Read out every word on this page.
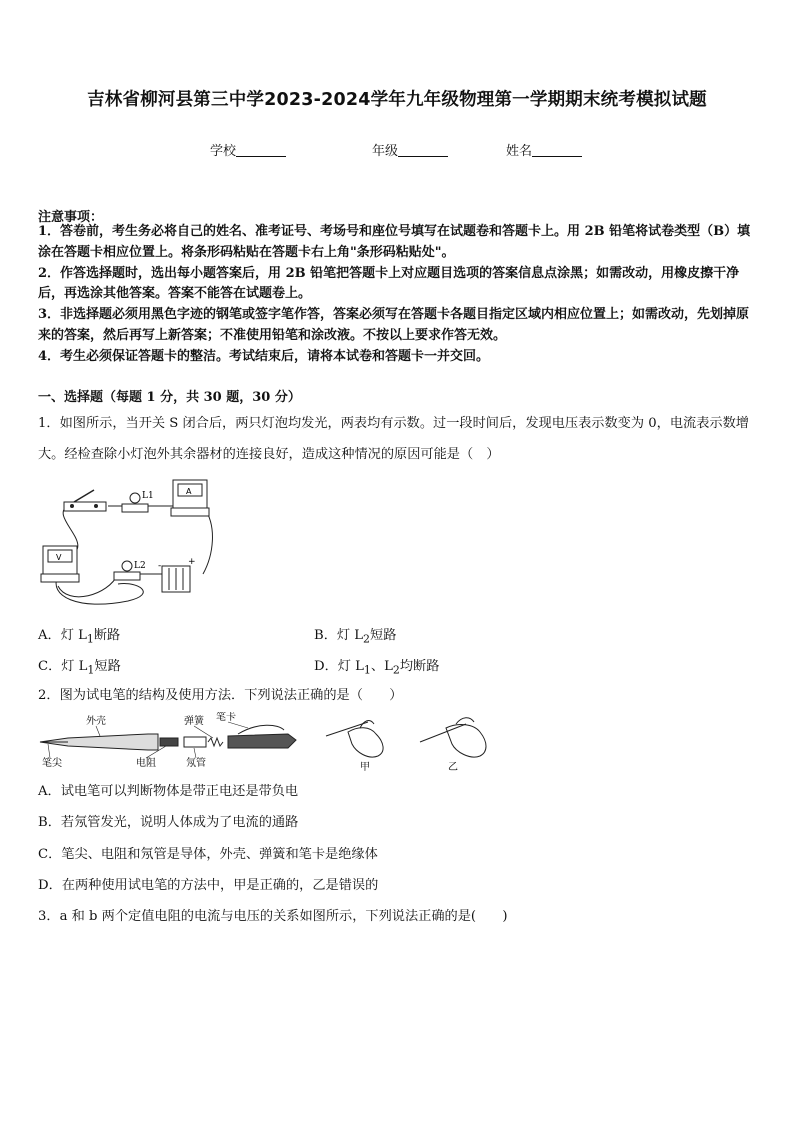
吉林省柳河县第三中学2023-2024学年九年级物理第一学期期末统考模拟试题
学校	年级	姓名
注意事项：

1．答卷前，考生务必将自己的姓名、准考证号、考场号和座位号填写在试题卷和答题卡上。用 2B 铅笔将试卷类型（B）填涂在答题卡相应位置上。将条形码粘贴在答题卡右上角"条形码粘贴处"。

2．作答选择题时，选出每小题答案后，用 2B 铅笔把答题卡上对应题目选项的答案信息点涂黑；如需改动，用橡皮擦干净后，再选涂其他答案。答案不能答在试题卷上。

3．非选择题必须用黑色字迹的钢笔或签字笔作答，答案必须写在答题卡各题目指定区域内相应位置上；如需改动，先划掉原来的答案，然后再写上新答案；不准使用铅笔和涂改液。不按以上要求作答无效。

4．考生必须保证答题卡的整洁。考试结束后，请将本试卷和答题卡一并交回。

一、选择题（每题 1 分，共 30 题，30 分）
1．如图所示，当开关 S 闭合后，两只灯泡均发光，两表均有示数。过一段时间后，发现电压表示数变为 0，电流表示数增大。经检查除小灯泡外其余器材的连接良好，造成这种情况的原因可能是（　）
L1	A
V
L2 -	+
A．灯 $L_1$断路	B．灯 $L_2$短路
C．灯 $L_1$短路	D．灯 $L_1$、$L_2$均断路
2．图为试电笔的结构及使用方法．下列说法正确的是（　　）
外壳	弹簧 笔卡
笔尖	电阻	氖管	甲	乙
A．试电笔可以判断物体是带正电还是带负电
B．若氖管发光，说明人体成为了电流的通路
C．笔尖、电阻和氖管是导体，外壳、弹簧和笔卡是绝缘体
D．在两种使用试电笔的方法中，甲是正确的，乙是错误的
3．a 和 b 两个定值电阻的电流与电压的关系如图所示，下列说法正确的是(　　)
